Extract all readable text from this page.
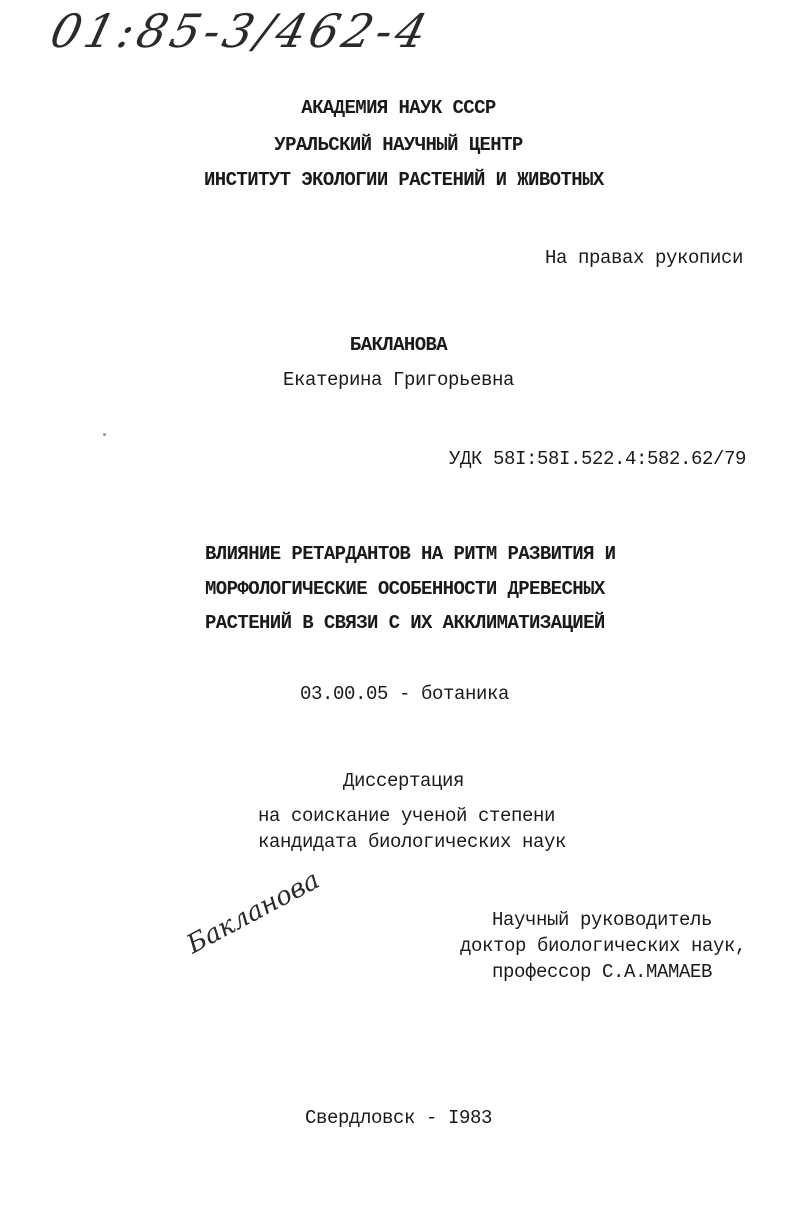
01:85-3/462-4
АКАДЕМИЯ НАУК СССР
УРАЛЬСКИЙ НАУЧНЫЙ ЦЕНТР
ИНСТИТУТ ЭКОЛОГИИ РАСТЕНИЙ И ЖИВОТНЫХ
На правах рукописи
БАКЛАНОВА
Екатерина Григорьевна
УДК 58I:58I.522.4:582.62/79
ВЛИЯНИЕ РЕТАРДАНТОВ НА РИТМ РАЗВИТИЯ И
МОРФОЛОГИЧЕСКИЕ ОСОБЕННОСТИ ДРЕВЕСНЫХ
РАСТЕНИЙ В СВЯЗИ С ИХ АККЛИМАТИЗАЦИЕЙ
03.00.05 - ботаника
Диссертация
на соискание ученой степени
кандидата биологических наук
Научный руководитель
доктор биологических наук,
профессор С.А.МАМАЕВ
Бакланова
Свердловск - I983
